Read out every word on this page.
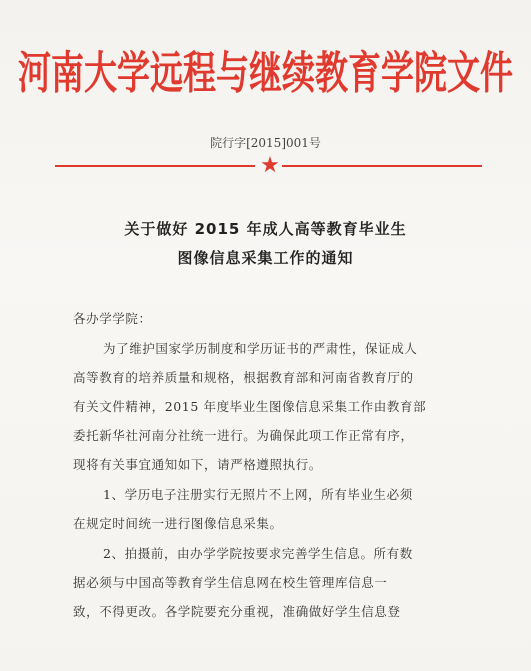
河南大学远程与继续教育学院文件
院行字[2015]001号
★
关于做好 2015 年成人高等教育毕业生
图像信息采集工作的通知
各办学学院：
为了维护国家学历制度和学历证书的严肃性，保证成人
高等教育的培养质量和规格，根据教育部和河南省教育厅的
有关文件精神，2015 年度毕业生图像信息采集工作由教育部
委托新华社河南分社统一进行。为确保此项工作正常有序，
现将有关事宜通知如下，请严格遵照执行。
1、学历电子注册实行无照片不上网，所有毕业生必须
在规定时间统一进行图像信息采集。
2、拍摄前，由办学学院按要求完善学生信息。所有数
据必须与中国高等教育学生信息网在校生管理库信息一
致，不得更改。各学院要充分重视，准确做好学生信息登
